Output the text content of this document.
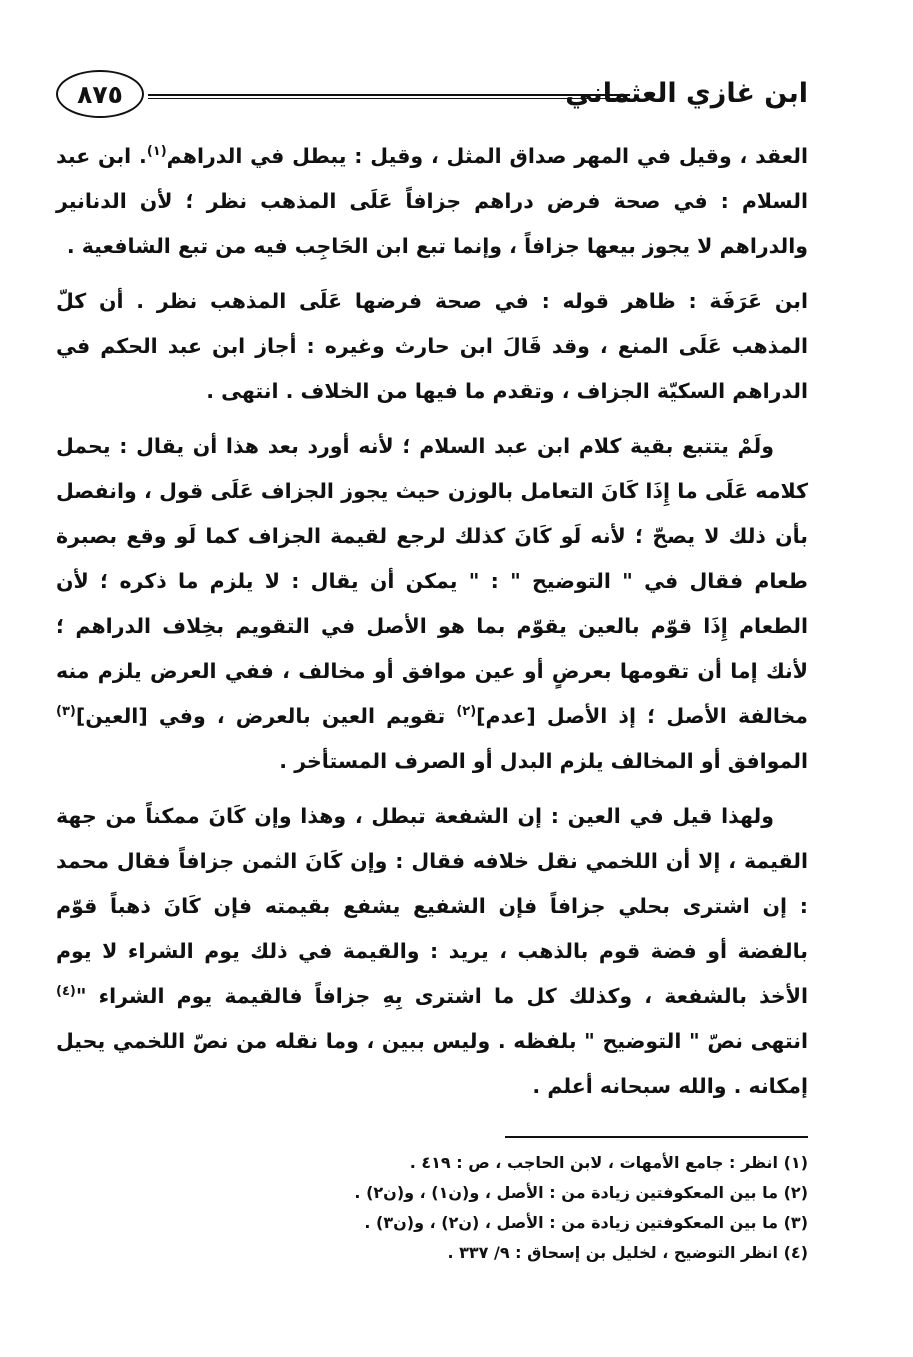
ابن غازي العثماني
٨٧٥

العقد ، وقيل في المهر صداق المثل ، وقيل : يبطل في الدراهم$^{(١)}$. ابن عبد السلام : في صحة فرض دراهم جزافاً عَلَى المذهب نظر ؛ لأن الدنانير والدراهم لا يجوز بيعها جزافاً ، وإنما تبع ابن الحَاجِب فيه من تبع الشافعية .

ابن عَرَفَة : ظاهر قوله : في صحة فرضها عَلَى المذهب نظر . أن كلّ المذهب عَلَى المنع ، وقد قَالَ ابن حارث وغيره : أجاز ابن عبد الحكم في الدراهم السكيّة الجزاف ، وتقدم ما فيها من الخلاف . انتهى .

ولَمْ يتتبع بقية كلام ابن عبد السلام ؛ لأنه أورد بعد هذا أن يقال : يحمل كلامه عَلَى ما إِذَا كَانَ التعامل بالوزن حيث يجوز الجزاف عَلَى قول ، وانفصل بأن ذلك لا يصحّ ؛ لأنه لَو كَانَ كذلك لرجع لقيمة الجزاف كما لَو وقع بصبرة طعام فقال في " التوضيح " : " يمكن أن يقال : لا يلزم ما ذكره ؛ لأن الطعام إِذَا قوّم بالعين يقوّم بما هو الأصل في التقويم بخِلاف الدراهم ؛ لأنك إما أن تقومها بعرضٍ أو عين موافق أو مخالف ، ففي العرض يلزم منه مخالفة الأصل ؛ إذ الأصل [عدم]$^{(٢)}$ تقويم العين بالعرض ، وفي [العين]$^{(٣)}$ الموافق أو المخالف يلزم البدل أو الصرف المستأخر .

ولهذا قيل في العين : إن الشفعة تبطل ، وهذا وإن كَانَ ممكناً من جهة القيمة ، إلا أن اللخمي نقل خلافه فقال : وإن كَانَ الثمن جزافاً فقال محمد : إن اشترى بحلي جزافاً فإن الشفيع يشفع بقيمته فإن كَانَ ذهباً قوّم بالفضة أو فضة قوم بالذهب ، يريد : والقيمة في ذلك يوم الشراء لا يوم الأخذ بالشفعة ، وكذلك كل ما اشترى بِهِ جزافاً فالقيمة يوم الشراء "$^{(٤)}$ انتهى نصّ " التوضيح " بلفظه . وليس ببين ، وما نقله من نصّ اللخمي يحيل إمكانه . والله سبحانه أعلم .

(١) انظر : جامع الأمهات ، لابن الحاجب ، ص : ٤١٩ .
(٢) ما بين المعكوفتين زيادة من : الأصل ، و(ن١) ، و(ن٢) .
(٣) ما بين المعكوفتين زيادة من : الأصل ، (ن٢) ، و(ن٣) .
(٤) انظر التوضيح ، لخليل بن إسحاق : ٩/ ٣٣٧ .
